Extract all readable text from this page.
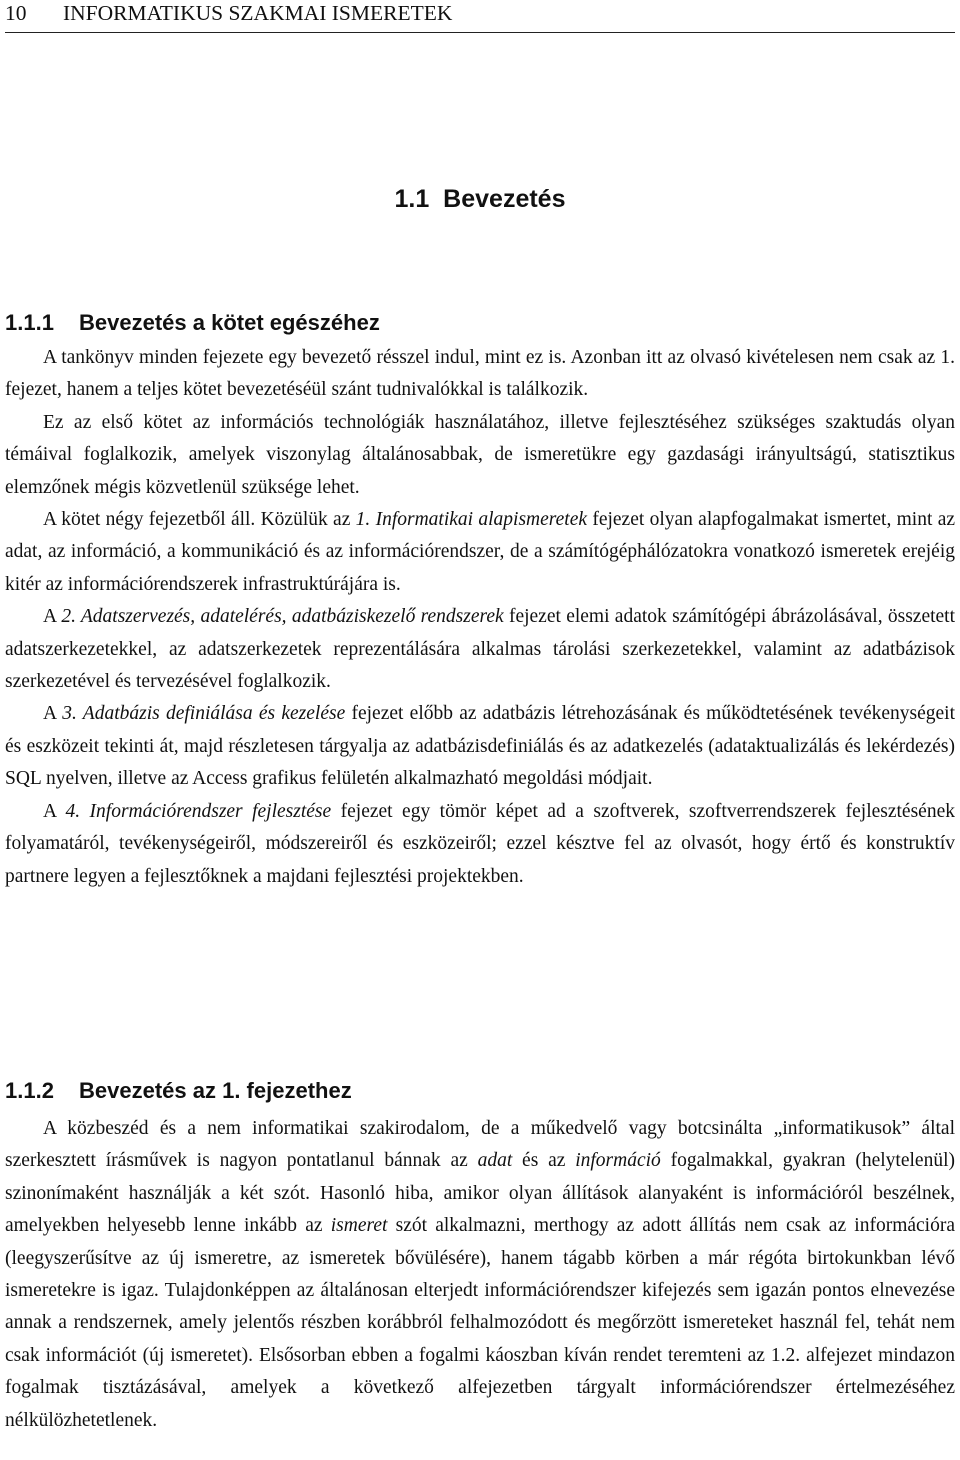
10 INFORMATIKUS SZAKMAI ISMERETEK
1.1 Bevezetés
1.1.1 Bevezetés a kötet egészéhez

A tankönyv minden fejezete egy bevezető résszel indul, mint ez is. Azonban itt az olvasó kivételesen nem csak az 1. fejezet, hanem a teljes kötet bevezetéséül szánt tudnivalókkal is találkozik.

Ez az első kötet az információs technológiák használatához, illetve fejlesztéséhez szükséges szaktudás olyan témáival foglalkozik, amelyek viszonylag általánosabbak, de ismeretükre egy gazdasági irányultságú, statisztikus elemzőnek mégis közvetlenül szüksége lehet.

A kötet négy fejezetből áll. Közülük az 1. Informatikai alapismeretek fejezet olyan alapfogalmakat ismertet, mint az adat, az információ, a kommunikáció és az információrendszer, de a számítógéphálózatokra vonatkozó ismeretek erejéig kitér az információrendszerek infrastruktúrájára is.

A 2. Adatszervezés, adatelérés, adatbáziskezelő rendszerek fejezet elemi adatok számítógépi ábrázolásával, összetett adatszerkezetekkel, az adatszerkezetek reprezentálására alkalmas tárolási szerkezetekkel, valamint az adatbázisok szerkezetével és tervezésével foglalkozik.

A 3. Adatbázis definiálása és kezelése fejezet előbb az adatbázis létrehozásának és működtetésének tevékenységeit és eszközeit tekinti át, majd részletesen tárgyalja az adatbázisdefiniálás és az adatkezelés (adataktualizálás és lekérdezés) SQL nyelven, illetve az Access grafikus felületén alkalmazható megoldási módjait.

A 4. Információrendszer fejlesztése fejezet egy tömör képet ad a szoftverek, szoftverrendszerek fejlesztésének folyamatáról, tevékenységeiről, módszereiről és eszközeiről; ezzel késztve fel az olvasót, hogy értő és konstruktív partnere legyen a fejlesztőknek a majdani fejlesztési projektekben.

1.1.2 Bevezetés az 1. fejezethez

A közbeszéd és a nem informatikai szakirodalom, de a műkedvelő vagy botcsinálta „informatikusok” által szerkesztett írásművek is nagyon pontatlanul bánnak az adat és az információ fogalmakkal, gyakran (helytelenül) szinonímaként használják a két szót. Hasonló hiba, amikor olyan állítások alanyaként is információról beszélnek, amelyekben helyesebb lenne inkább az ismeret szót alkalmazni, merthogy az adott állítás nem csak az információra (leegyszerűsítve az új ismeretre, az ismeretek bővülésére), hanem tágabb körben a már régóta birtokunkban lévő ismeretekre is igaz. Tulajdonképpen az általánosan elterjedt információrendszer kifejezés sem igazán pontos elnevezése annak a rendszernek, amely jelentős részben korábbról felhalmozódott és megőrzött ismereteket használ fel, tehát nem csak információt (új ismeretet). Elsősorban ebben a fogalmi káoszban kíván rendet teremteni az 1.2. alfejezet mindazon fogalmak tisztázásával, amelyek a következő alfejezetben tárgyalt információrendszer értelmezéséhez nélkülözhetetlenek.
